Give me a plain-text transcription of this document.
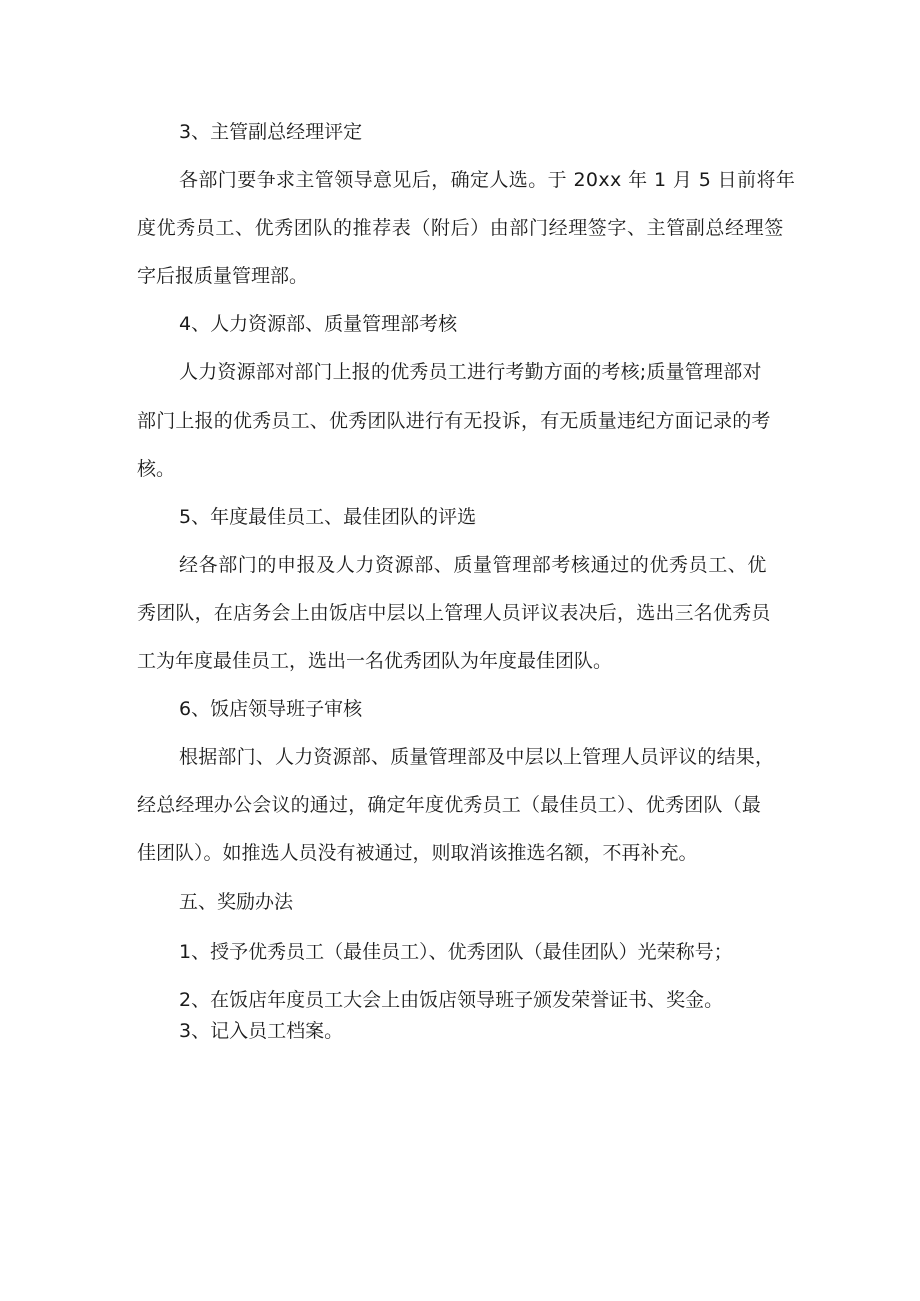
3、主管副总经理评定

各部门要争求主管领导意见后，确定人选。于 20xx 年 1 月 5 日前将年

度优秀员工、优秀团队的推荐表（附后）由部门经理签字、主管副总经理签

字后报质量管理部。

4、人力资源部、质量管理部考核

人力资源部对部门上报的优秀员工进行考勤方面的考核;质量管理部对

部门上报的优秀员工、优秀团队进行有无投诉，有无质量违纪方面记录的考

核。

5、年度最佳员工、最佳团队的评选

经各部门的申报及人力资源部、质量管理部考核通过的优秀员工、优

秀团队，在店务会上由饭店中层以上管理人员评议表决后，选出三名优秀员

工为年度最佳员工，选出一名优秀团队为年度最佳团队。

6、饭店领导班子审核

根据部门、人力资源部、质量管理部及中层以上管理人员评议的结果，

经总经理办公会议的通过，确定年度优秀员工（最佳员工）、优秀团队（最

佳团队）。如推选人员没有被通过，则取消该推选名额，不再补充。

五、奖励办法

1、授予优秀员工（最佳员工）、优秀团队（最佳团队）光荣称号；

2、在饭店年度员工大会上由饭店领导班子颁发荣誉证书、奖金。

3、记入员工档案。
